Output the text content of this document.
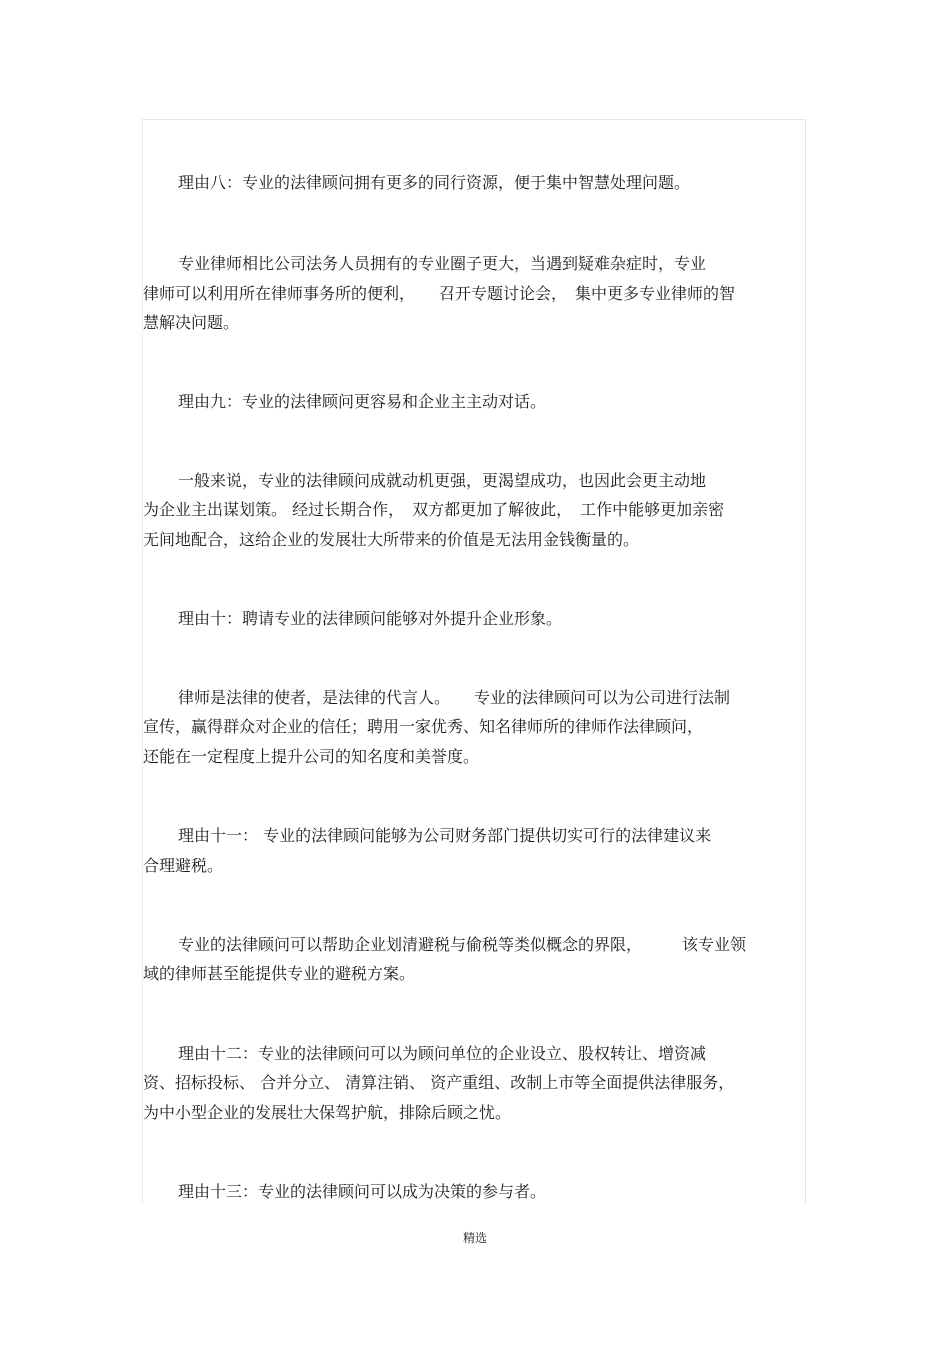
理由八：专业的法律顾问拥有更多的同行资源，便于集中智慧处理问题。
专业律师相比公司法务人员拥有的专业圈子更大，当遇到疑难杂症时，专业
律师可以利用所在律师事务所的便利，　　召开专题讨论会，　集中更多专业律师的智
慧解决问题。
理由九：专业的法律顾问更容易和企业主主动对话。
一般来说，专业的法律顾问成就动机更强，更渴望成功，也因此会更主动地
为企业主出谋划策。 经过长期合作，　双方都更加了解彼此，　工作中能够更加亲密
无间地配合，这给企业的发展壮大所带来的价值是无法用金钱衡量的。
理由十：聘请专业的法律顾问能够对外提升企业形象。
律师是法律的使者，是法律的代言人。　　专业的法律顾问可以为公司进行法制
宣传，赢得群众对企业的信任；聘用一家优秀、知名律师所的律师作法律顾问，
还能在一定程度上提升公司的知名度和美誉度。
理由十一： 专业的法律顾问能够为公司财务部门提供切实可行的法律建议来
合理避税。
专业的法律顾问可以帮助企业划清避税与偷税等类似概念的界限，　　　该专业领
域的律师甚至能提供专业的避税方案。
理由十二：专业的法律顾问可以为顾问单位的企业设立、股权转让、增资减
资、招标投标、 合并分立、 清算注销、 资产重组、改制上市等全面提供法律服务，
为中小型企业的发展壮大保驾护航，排除后顾之忧。
理由十三：专业的法律顾问可以成为决策的参与者。
精选
